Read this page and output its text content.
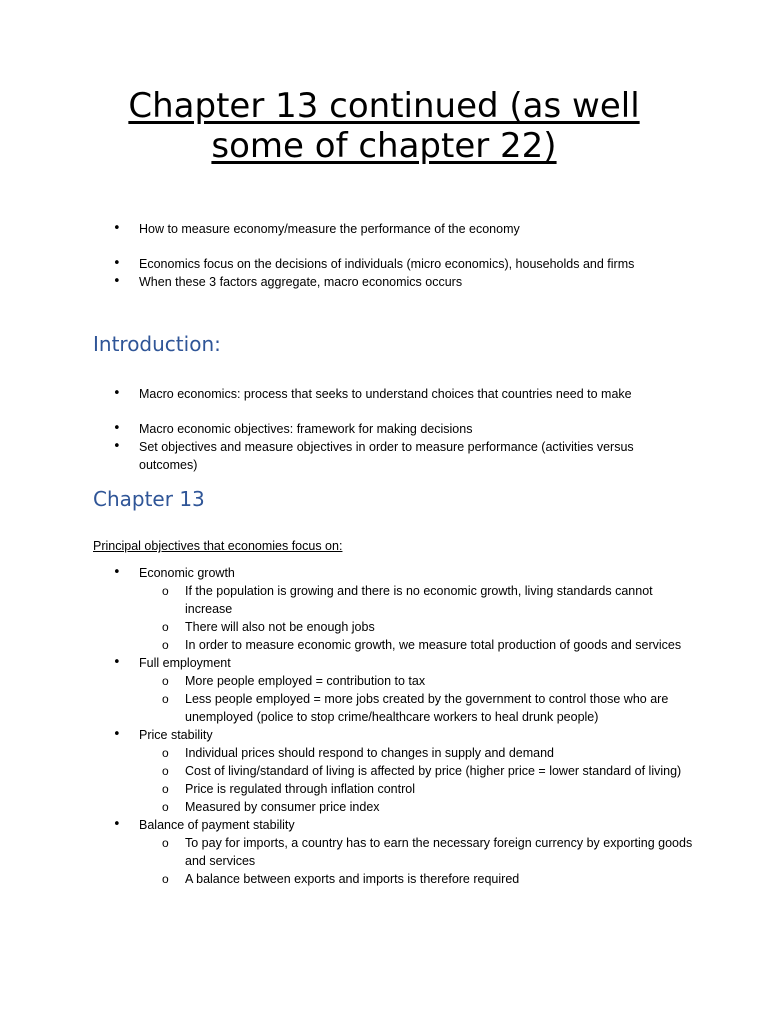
Chapter 13 continued (as well
some of chapter 22)
• How to measure economy/measure the performance of the economy
• Economics focus on the decisions of individuals (micro economics), households and firms
• When these 3 factors aggregate, macro economics occurs
Introduction:
• Macro economics: process that seeks to understand choices that countries need to make
• Macro economic objectives: framework for making decisions
• Set objectives and measure objectives in order to measure performance (activities versus outcomes)
Chapter 13

Principal objectives that economies focus on:

• Economic growth
o If the population is growing and there is no economic growth, living standards cannot increase
o There will also not be enough jobs
o In order to measure economic growth, we measure total production of goods and services
• Full employment
o More people employed = contribution to tax
o Less people employed = more jobs created by the government to control those who are unemployed (police to stop crime/healthcare workers to heal drunk people)
• Price stability
o Individual prices should respond to changes in supply and demand
o Cost of living/standard of living is affected by price (higher price = lower standard of living)
o Price is regulated through inflation control
o Measured by consumer price index
• Balance of payment stability
o To pay for imports, a country has to earn the necessary foreign currency by exporting goods and services
o A balance between exports and imports is therefore required
